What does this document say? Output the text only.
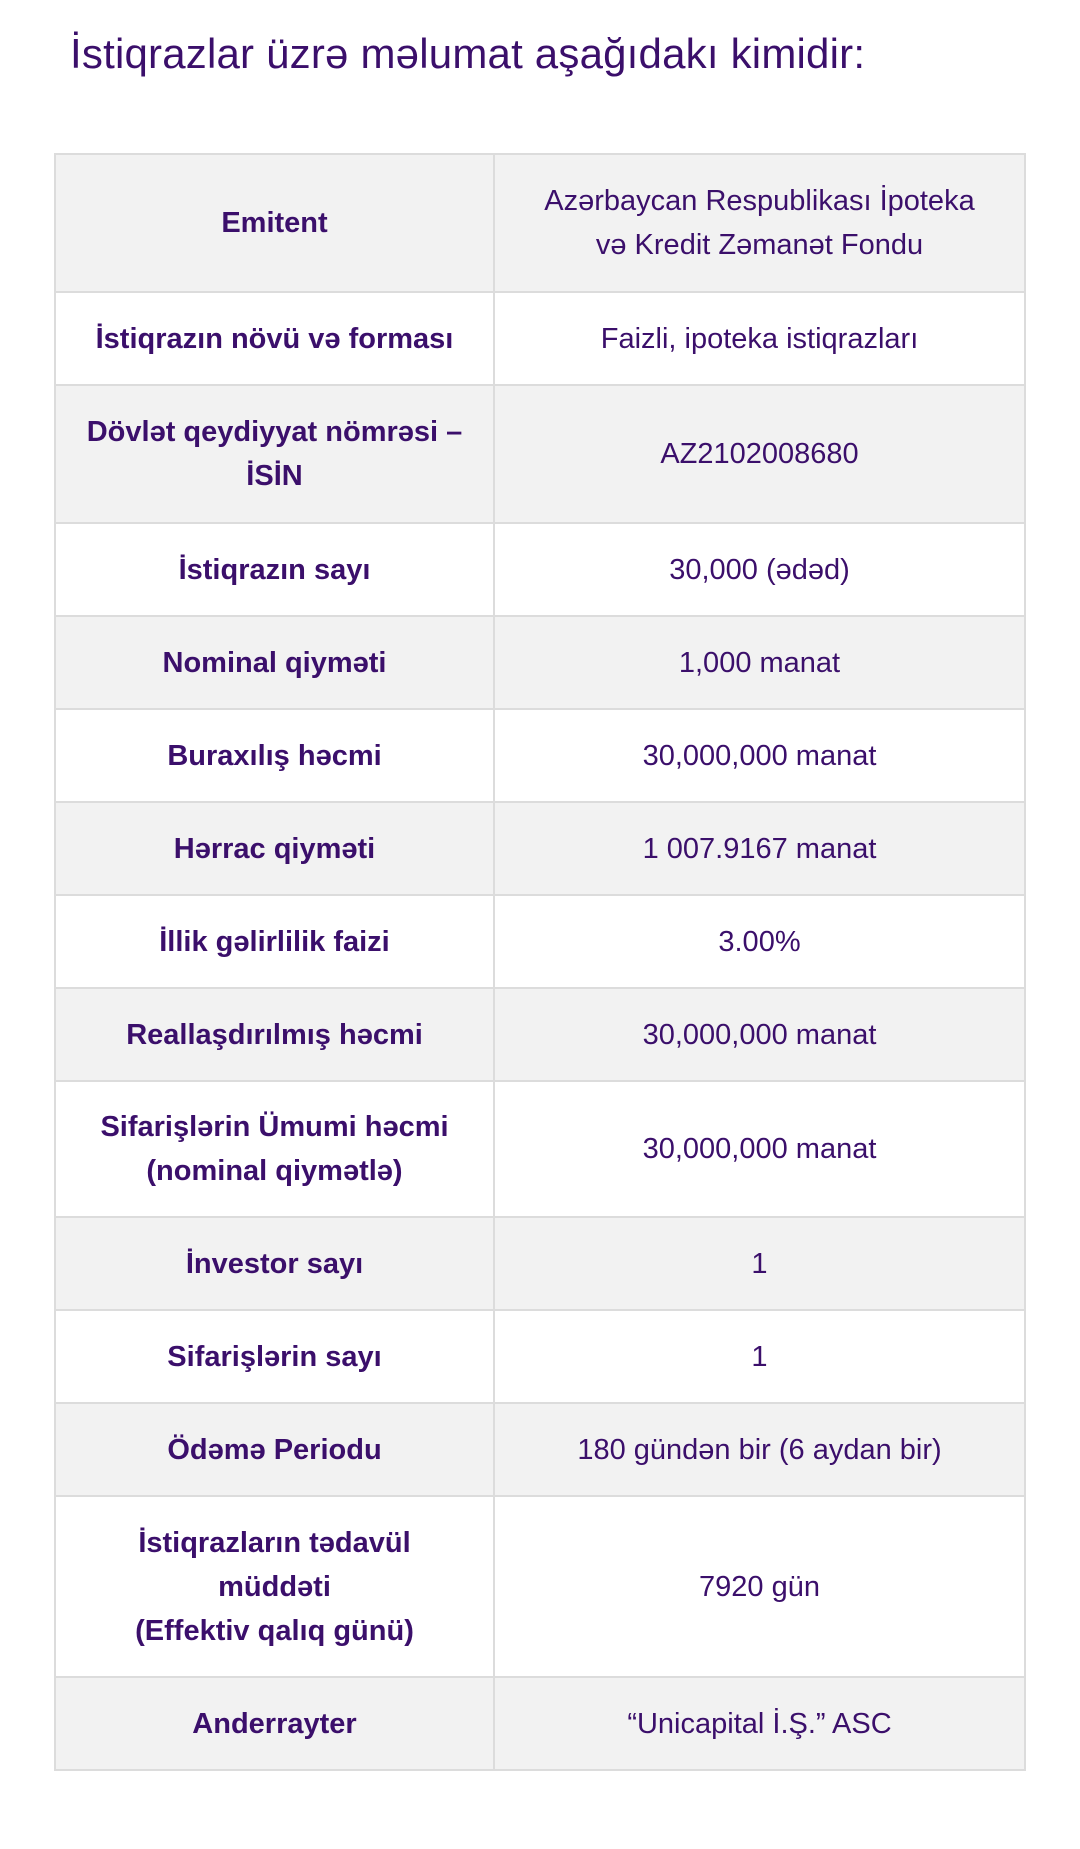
İstiqrazlar üzrə məlumat aşağıdakı kimidir:
Emitent	Azərbaycan Respublikası İpoteka
və Kredit Zəmanət Fondu
İstiqrazın növü və forması	Faizli, ipoteka istiqrazları
Dövlət qeydiyyat nömrəsi –
İSİN	AZ2102008680
İstiqrazın sayı	30,000 (ədəd)
Nominal qiyməti	1,000 manat
Buraxılış həcmi	30,000,000 manat
Hərrac qiyməti	1 007.9167 manat
İllik gəlirlilik faizi	3.00%
Reallaşdırılmış həcmi	30,000,000 manat
Sifarişlərin Ümumi həcmi
(nominal qiymətlə)	30,000,000 manat
İnvestor sayı	1
Sifarişlərin sayı	1
Ödəmə Periodu	180 gündən bir (6 aydan bir)
İstiqrazların tədavül
müddəti
(Effektiv qalıq günü)	7920 gün
Anderrayter	“Unicapital İ.Ş.” ASC
